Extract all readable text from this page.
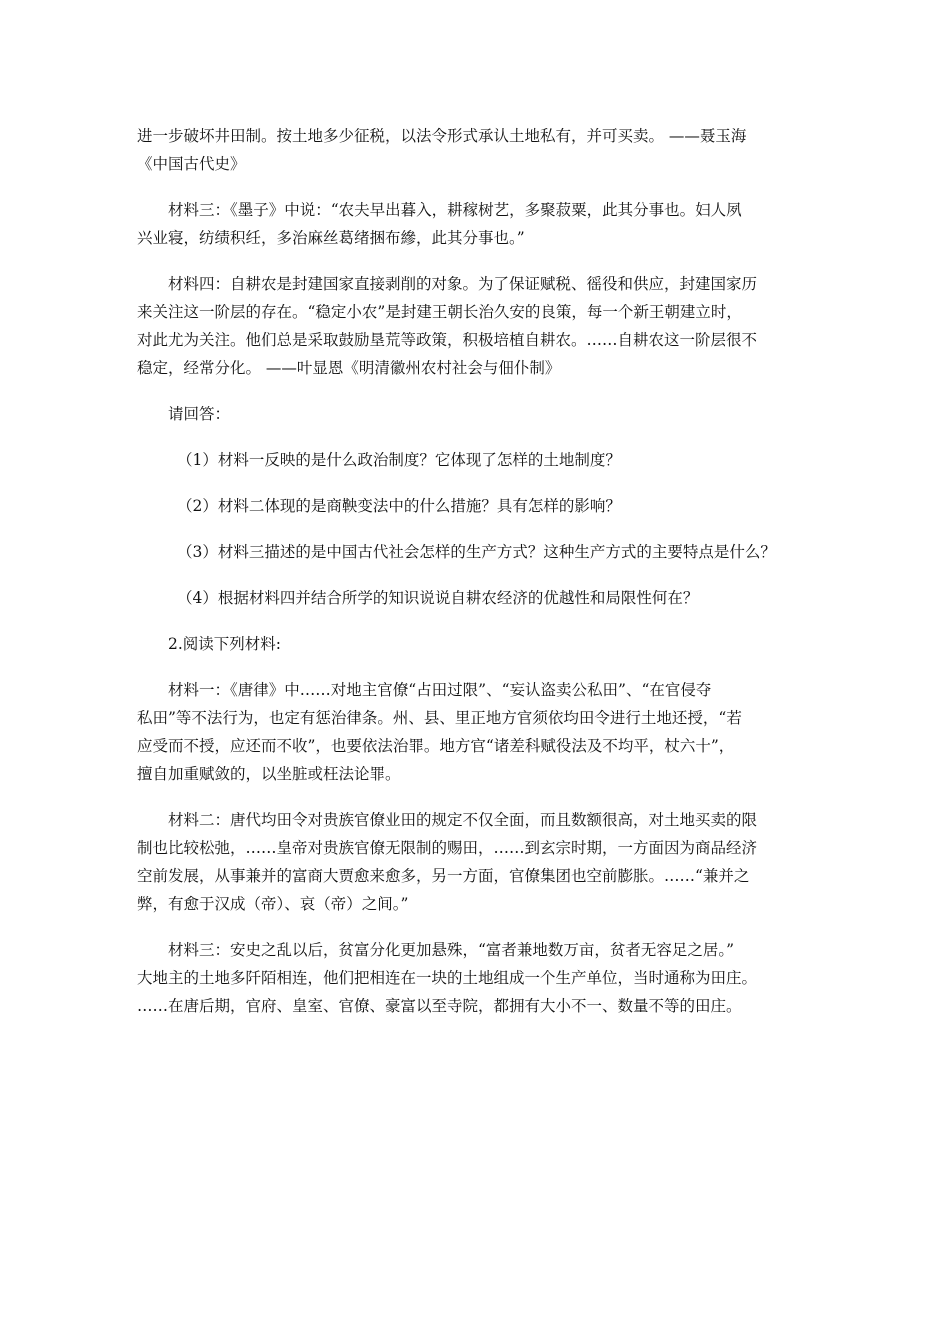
进一步破坏井田制。按土地多少征税，以法令形式承认土地私有，并可买卖。 ——聂玉海
《中国古代史》
材料三：《墨子》中说：“农夫早出暮入，耕稼树艺，多聚菽粟，此其分事也。妇人夙
兴业寝，纺绩积纴，多治麻丝葛绪捆布縿，此其分事也。”
材料四：自耕农是封建国家直接剥削的对象。为了保证赋税、徭役和供应，封建国家历
来关注这一阶层的存在。“稳定小农”是封建王朝长治久安的良策，每一个新王朝建立时，
对此尤为关注。他们总是采取鼓励垦荒等政策，积极培植自耕农。……自耕农这一阶层很不
稳定，经常分化。 ——叶显恩《明清徽州农村社会与佃仆制》
请回答：
（1）材料一反映的是什么政治制度？它体现了怎样的土地制度？
（2）材料二体现的是商鞅变法中的什么措施？具有怎样的影响？
（3）材料三描述的是中国古代社会怎样的生产方式？这种生产方式的主要特点是什么？
（4）根据材料四并结合所学的知识说说自耕农经济的优越性和局限性何在？
2.阅读下列材料:
材料一：《唐律》中……对地主官僚“占田过限”、“妄认盗卖公私田”、“在官侵夺
私田”等不法行为，也定有惩治律条。州、县、里正地方官须依均田令进行土地还授，“若
应受而不授，应还而不收”，也要依法治罪。地方官“诸差科赋役法及不均平，杖六十”，
擅自加重赋敛的，以坐脏或枉法论罪。
材料二：唐代均田令对贵族官僚业田的规定不仅全面，而且数额很高，对土地买卖的限
制也比较松弛，……皇帝对贵族官僚无限制的赐田，……到玄宗时期，一方面因为商品经济
空前发展，从事兼并的富商大贾愈来愈多，另一方面，官僚集团也空前膨胀。……“兼并之
弊，有愈于汉成（帝）、哀（帝）之间。”
材料三：安史之乱以后，贫富分化更加悬殊，“富者兼地数万亩，贫者无容足之居。”
大地主的土地多阡陌相连，他们把相连在一块的土地组成一个生产单位，当时通称为田庄。
……在唐后期，官府、皇室、官僚、豪富以至寺院，都拥有大小不一、数量不等的田庄。
